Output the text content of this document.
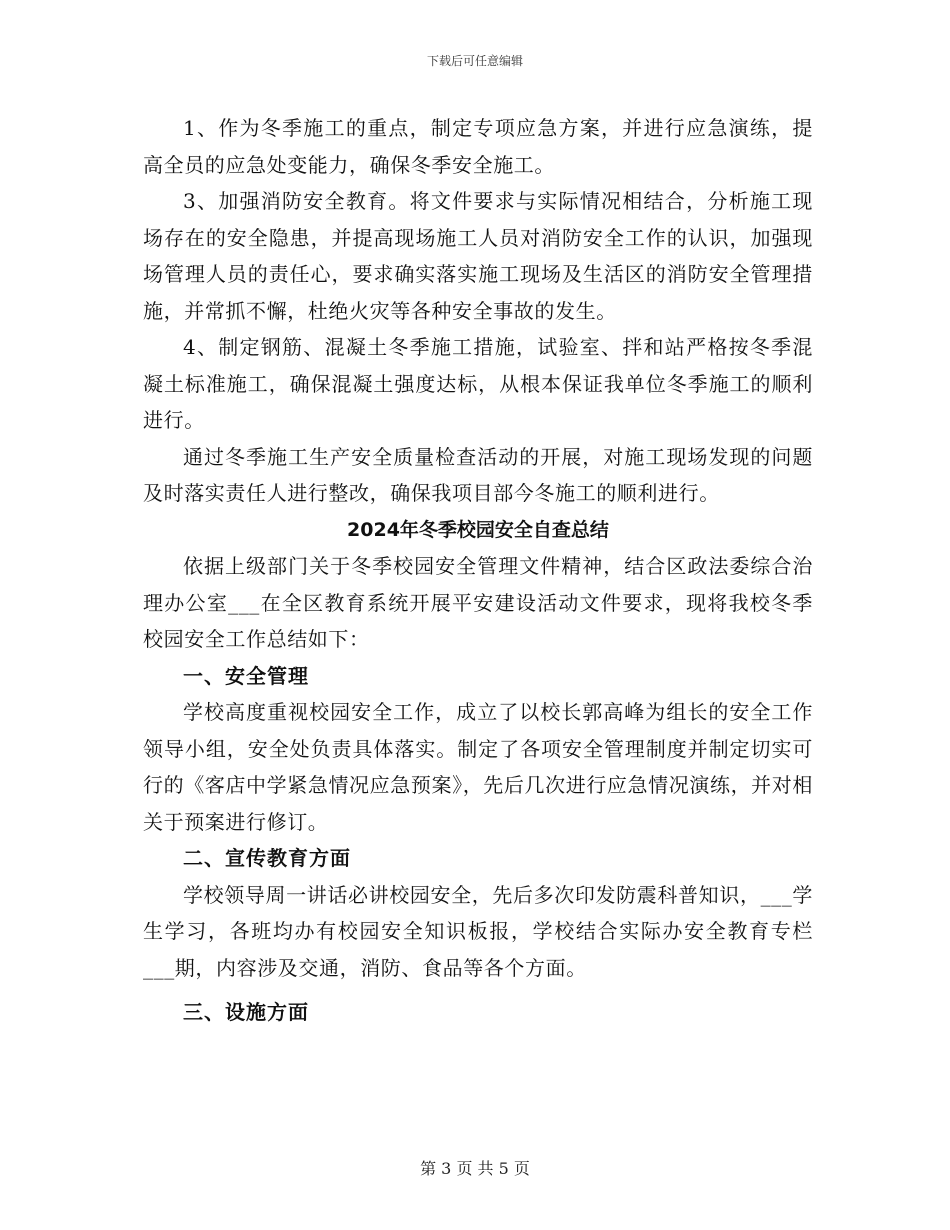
下载后可任意编辑

1、作为冬季施工的重点，制定专项应急方案，并进行应急演练，提高全员的应急处变能力，确保冬季安全施工。

3、加强消防安全教育。将文件要求与实际情况相结合，分析施工现场存在的安全隐患，并提高现场施工人员对消防安全工作的认识，加强现场管理人员的责任心，要求确实落实施工现场及生活区的消防安全管理措施，并常抓不懈，杜绝火灾等各种安全事故的发生。

4、制定钢筋、混凝土冬季施工措施，试验室、拌和站严格按冬季混凝土标准施工，确保混凝土强度达标，从根本保证我单位冬季施工的顺利进行。

通过冬季施工生产安全质量检查活动的开展，对施工现场发现的问题及时落实责任人进行整改，确保我项目部今冬施工的顺利进行。

2024年冬季校园安全自查总结

依据上级部门关于冬季校园安全管理文件精神，结合区政法委综合治理办公室___在全区教育系统开展平安建设活动文件要求，现将我校冬季校园安全工作总结如下：

一、安全管理

学校高度重视校园安全工作，成立了以校长郭高峰为组长的安全工作领导小组，安全处负责具体落实。制定了各项安全管理制度并制定切实可行的《客店中学紧急情况应急预案》，先后几次进行应急情况演练，并对相关于预案进行修订。

二、宣传教育方面

学校领导周一讲话必讲校园安全，先后多次印发防震科普知识，___学生学习，各班均办有校园安全知识板报，学校结合实际办安全教育专栏___期，内容涉及交通，消防、食品等各个方面。

三、设施方面

第 3 页 共 5 页
